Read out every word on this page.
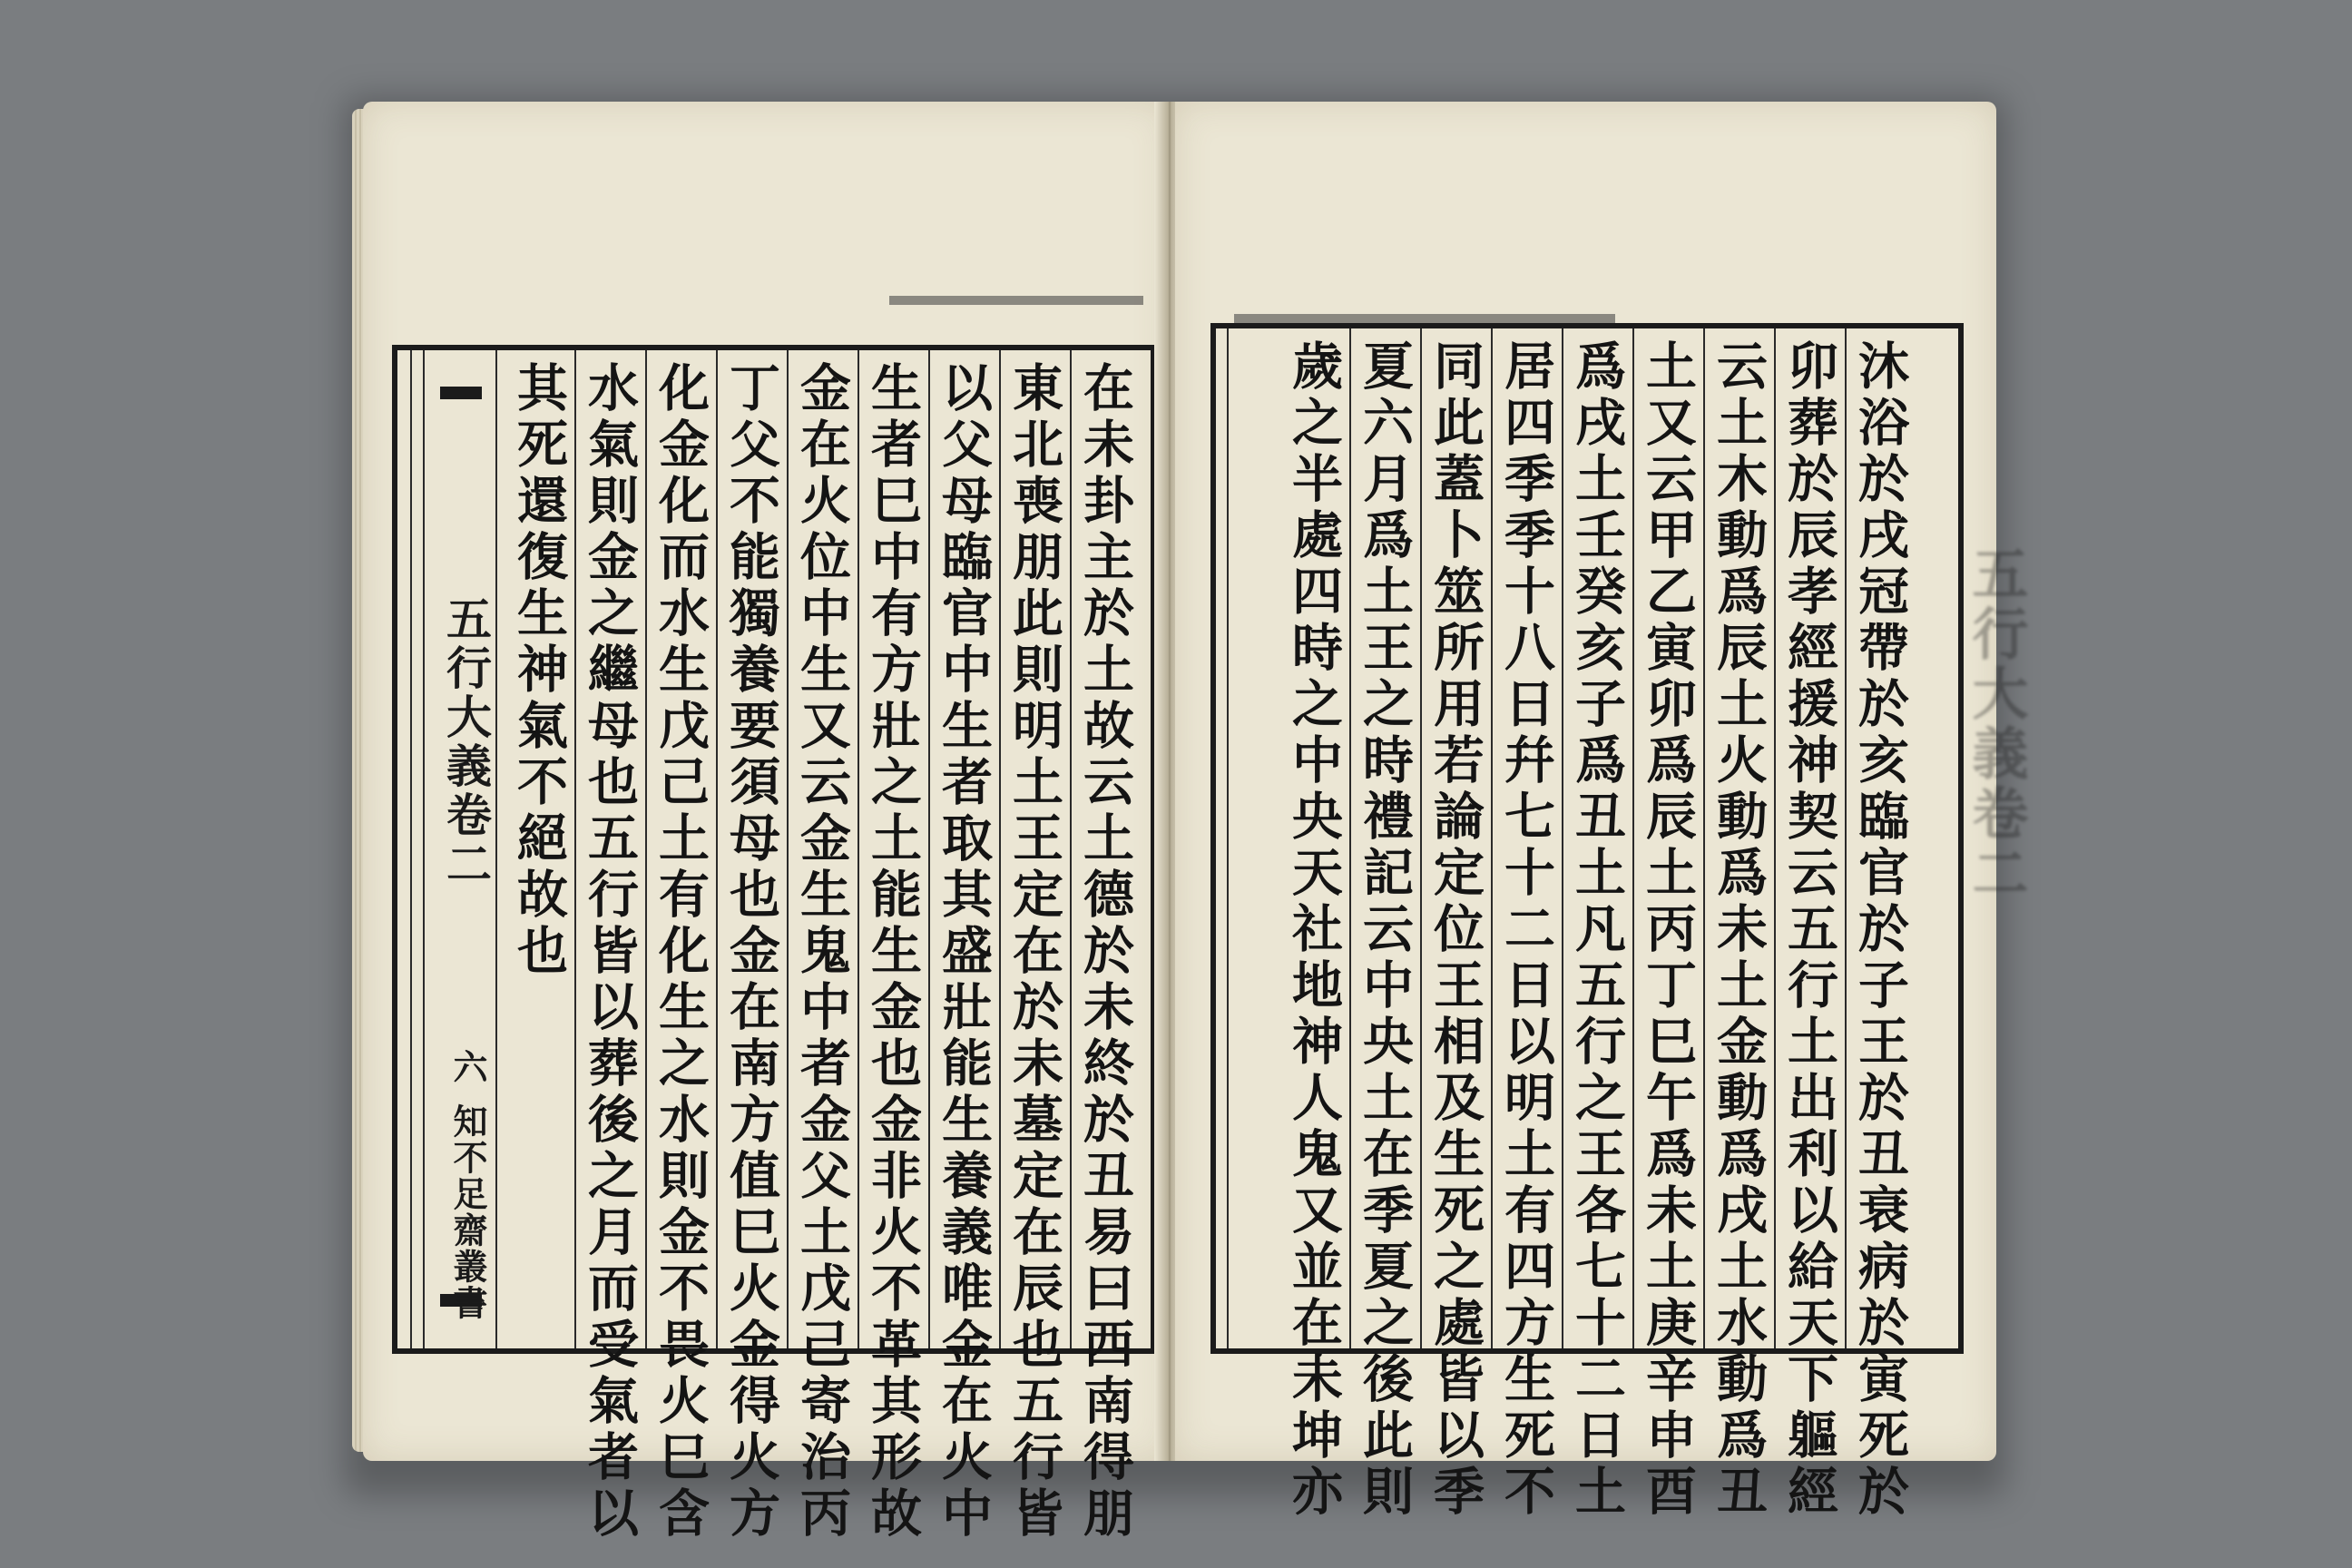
五行大義卷二
六
知不足齋叢書	在未卦主於土故云土德於未終於丑易曰西南得朋
東北喪朋此則明土王定在於未墓定在辰也五行皆
以父母臨官中生者取其盛壯能生養義唯金在火中
生者巳中有方壯之土能生金也金非火不革其形故
金在火位中生又云金生鬼中者金父土戊己寄治丙
丁父不能獨養要須母也金在南方值巳火金得火方
化金化而水生戊己土有化生之水則金不畏火巳含
水氣則金之繼母也五行皆以葬後之月而受氣者以
其死還復生神氣不絕故也	沐浴於戌冠帶於亥臨官於子王於丑衰病於寅死於
卯葬於辰孝經援神契云五行土出利以給天下軀經
云土木動爲辰土火動爲未土金動爲戌土水動爲丑
土又云甲乙寅卯爲辰土丙丁巳午爲未土庚辛申酉
爲戌土壬癸亥子爲丑土凡五行之王各七十二日土
居四季季十八日幷七十二日以明土有四方生死不
同此蓋卜筮所用若論定位王相及生死之處皆以季
夏六月爲土王之時禮記云中央土在季夏之後此則
歲之半處四時之中央天社地神人鬼又並在未坤亦	五行大義卷二
